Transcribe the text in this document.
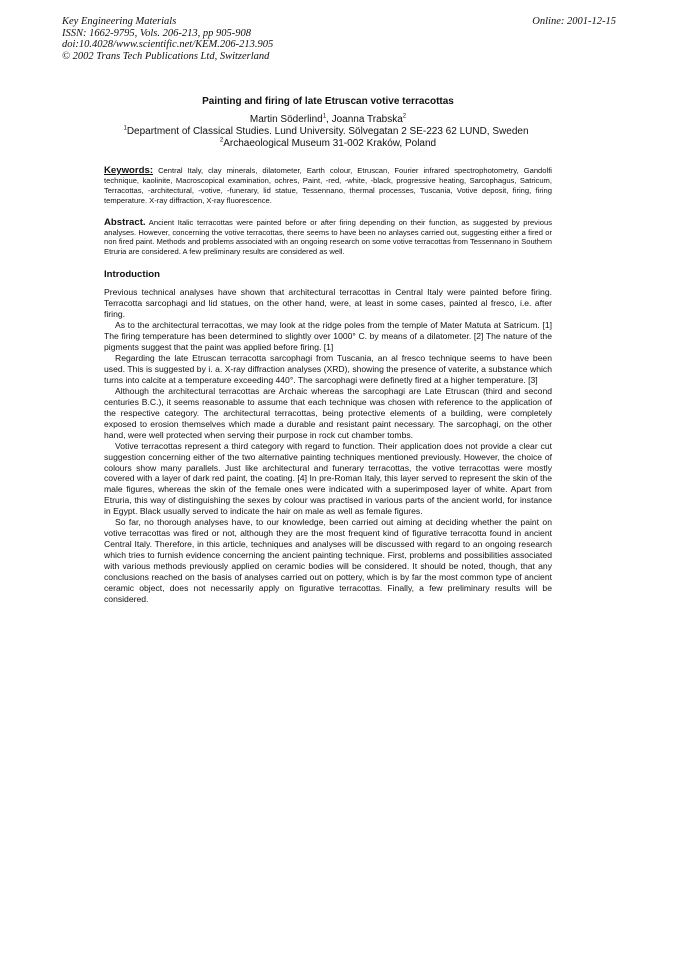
Key Engineering Materials
ISSN: 1662-9795, Vols. 206-213, pp 905-908
doi:10.4028/www.scientific.net/KEM.206-213.905
© 2002 Trans Tech Publications Ltd, Switzerland
Online: 2001-12-15
Painting and firing of late Etruscan votive terracottas
Martin Söderlind$^1$, Joanna Trabska$^2$
$^1$Department of Classical Studies. Lund University. Sölvegatan 2 SE-223 62 LUND, Sweden
$^2$Archaeological Museum 31-002 Kraków, Poland
Keywords: Central Italy, clay minerals, dilatometer, Earth colour, Etruscan, Fourier infrared spectrophotometry, Gandolfi technique, kaolinite, Macroscopical examination, ochres, Paint, -red, -white, -black, progressive heating, Sarcophagus, Satricum, Terracottas, -architectural, -votive, -funerary, lid statue, Tessennano, thermal processes, Tuscania, Votive deposit, firing, firing temperature. X-ray diffraction, X-ray fluorescence.
Abstract. Ancient Italic terracottas were painted before or after firing depending on their function, as suggested by previous analyses. However, concerning the votive terracottas, there seems to have been no anlayses carried out, suggesting either a fired or non fired paint. Methods and problems associated with an ongoing research on some votive terracottas from Tessennano in Southern Etruria are considered. A few preliminary results are considered as well.
Introduction

Previous technical analyses have shown that architectural terracottas in Central Italy were painted before firing. Terracotta sarcophagi and lid statues, on the other hand, were, at least in some cases, painted al fresco, i.e. after firing.

As to the architectural terracottas, we may look at the ridge poles from the temple of Mater Matuta at Satricum. [1] The firing temperature has been determined to slightly over 1000° C. by means of a dilatometer. [2] The nature of the pigments suggest that the paint was applied before firing. [1]

Regarding the late Etruscan terracotta sarcophagi from Tuscania, an al fresco technique seems to have been used. This is suggested by i. a. X-ray diffraction analyses (XRD), showing the presence of vaterite, a substance which turns into calcite at a temperature exceeding 440°. The sarcophagi were definetly fired at a higher temperature. [3]

Although the architectural terracottas are Archaic whereas the sarcophagi are Late Etruscan (third and second centuries B.C.), it seems reasonable to assume that each technique was chosen with reference to the application of the respective category. The architectural terracottas, being protective elements of a building, were completely exposed to erosion themselves which made a durable and resistant paint necessary. The sarcophagi, on the other hand, were well protected when serving their purpose in rock cut chamber tombs.

Votive terracottas represent a third category with regard to function. Their application does not provide a clear cut suggestion concerning either of the two alternative painting techniques mentioned previously. However, the choice of colours show many parallels. Just like architectural and funerary terracottas, the votive terracottas were mostly covered with a layer of dark red paint, the coating. [4] In pre-Roman Italy, this layer served to represent the skin of the male figures, whereas the skin of the female ones were indicated with a superimposed layer of white. Apart from Etruria, this way of distinguishing the sexes by colour was practised in various parts of the ancient world, for instance in Egypt. Black usually served to indicate the hair on male as well as female figures.

So far, no thorough analyses have, to our knowledge, been carried out aiming at deciding whether the paint on votive terracottas was fired or not, although they are the most frequent kind of figurative terracotta found in ancient Central Italy. Therefore, in this article, techniques and analyses will be discussed with regard to an ongoing research which tries to furnish evidence concerning the ancient painting technique. First, problems and possibilities associated with various methods previously applied on ceramic bodies will be considered. It should be noted, though, that any conclusions reached on the basis of analyses carried out on pottery, which is by far the most common type of ancient ceramic object, does not necessarily apply on figurative terracottas. Finally, a few preliminary results will be considered.
